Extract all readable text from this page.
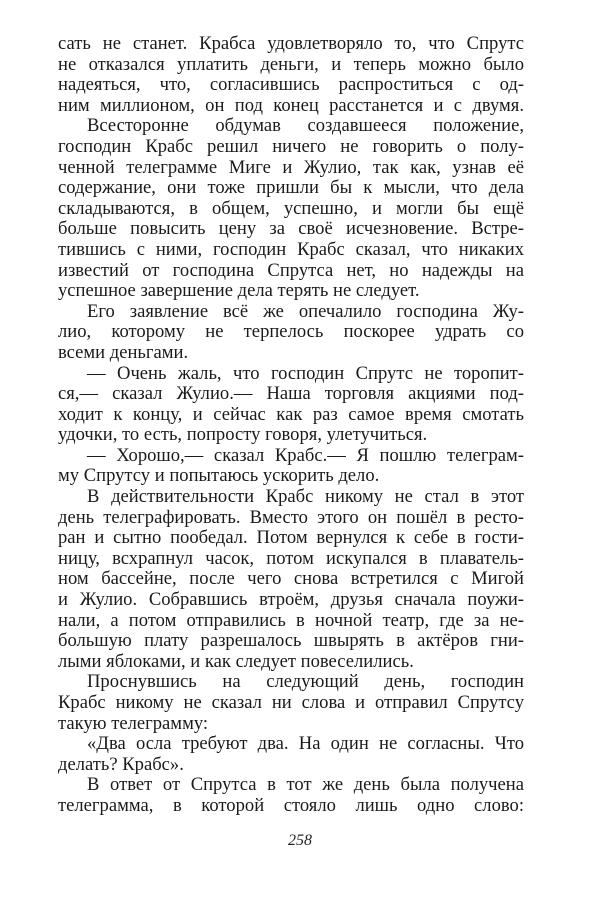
сать не станет. Крабса удовлетворяло то, что Спрутс
не отказался уплатить деньги, и теперь можно было
надеяться, что, согласившись распроститься с од-
ним миллионом, он под конец расстанется и с двумя.
Всесторонне обдумав создавшееся положение,
господин Крабс решил ничего не говорить о полу-
ченной телеграмме Миге и Жулио, так как, узнав её
содержание, они тоже пришли бы к мысли, что дела
складываются, в общем, успешно, и могли бы ещё
больше повысить цену за своё исчезновение. Встре-
тившись с ними, господин Крабс сказал, что никаких
известий от господина Спрутса нет, но надежды на
успешное завершение дела терять не следует.
Его заявление всё же опечалило господина Жу-
лио, которому не терпелось поскорее удрать со
всеми деньгами.
— Очень жаль, что господин Спрутс не торопит-
ся,— сказал Жулио.— Наша торговля акциями под-
ходит к концу, и сейчас как раз самое время смотать
удочки, то есть, попросту говоря, улетучиться.
— Хорошо,— сказал Крабс.— Я пошлю телеграм-
му Спрутсу и попытаюсь ускорить дело.
В действительности Крабс никому не стал в этот
день телеграфировать. Вместо этого он пошёл в ресто-
ран и сытно пообедал. Потом вернулся к себе в гости-
ницу, всхрапнул часок, потом искупался в плаватель-
ном бассейне, после чего снова встретился с Мигой
и Жулио. Собравшись втроём, друзья сначала поужи-
нали, а потом отправились в ночной театр, где за не-
большую плату разрешалось швырять в актёров гни-
лыми яблоками, и как следует повеселились.
Проснувшись на следующий день, господин
Крабс никому не сказал ни слова и отправил Спрутсу
такую телеграмму:
«Два осла требуют два. На один не согласны. Что
делать? Крабс».
В ответ от Спрутса в тот же день была получена
телеграмма, в которой стояло лишь одно слово:
258
